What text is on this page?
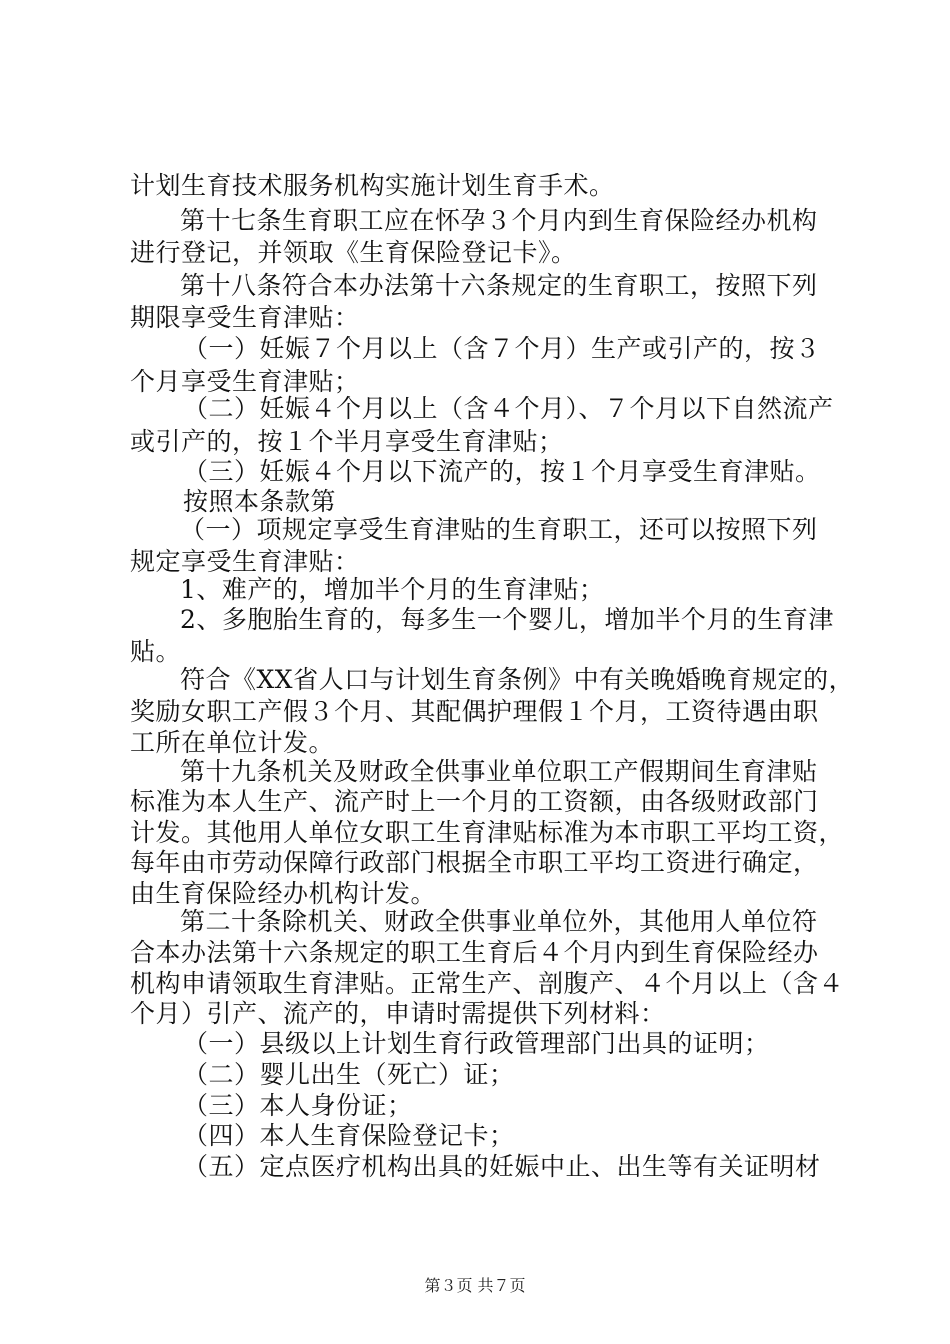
计划生育技术服务机构实施计划生育手术。
第十七条生育职工应在怀孕３个月内到生育保险经办机构
进行登记，并领取《生育保险登记卡》。
第十八条符合本办法第十六条规定的生育职工，按照下列
期限享受生育津贴：
（一）妊娠７个月以上（含７个月）生产或引产的，按３
个月享受生育津贴；
（二）妊娠４个月以上（含４个月）、７个月以下自然流产
或引产的，按１个半月享受生育津贴；
（三）妊娠４个月以下流产的，按１个月享受生育津贴。
按照本条款第
（一）项规定享受生育津贴的生育职工，还可以按照下列
规定享受生育津贴：
1、难产的，增加半个月的生育津贴；
2、多胞胎生育的，每多生一个婴儿，增加半个月的生育津
贴。
符合《XX省人口与计划生育条例》中有关晚婚晚育规定的，
奖励女职工产假３个月、其配偶护理假１个月，工资待遇由职
工所在单位计发。
第十九条机关及财政全供事业单位职工产假期间生育津贴
标准为本人生产、流产时上一个月的工资额，由各级财政部门
计发。其他用人单位女职工生育津贴标准为本市职工平均工资，
每年由市劳动保障行政部门根据全市职工平均工资进行确定，
由生育保险经办机构计发。
第二十条除机关、财政全供事业单位外，其他用人单位符
合本办法第十六条规定的职工生育后４个月内到生育保险经办
机构申请领取生育津贴。正常生产、剖腹产、４个月以上（含４
个月）引产、流产的，申请时需提供下列材料：
（一）县级以上计划生育行政管理部门出具的证明；
（二）婴儿出生（死亡）证；
（三）本人身份证；
（四）本人生育保险登记卡；
（五）定点医疗机构出具的妊娠中止、出生等有关证明材
第３页 共７页
